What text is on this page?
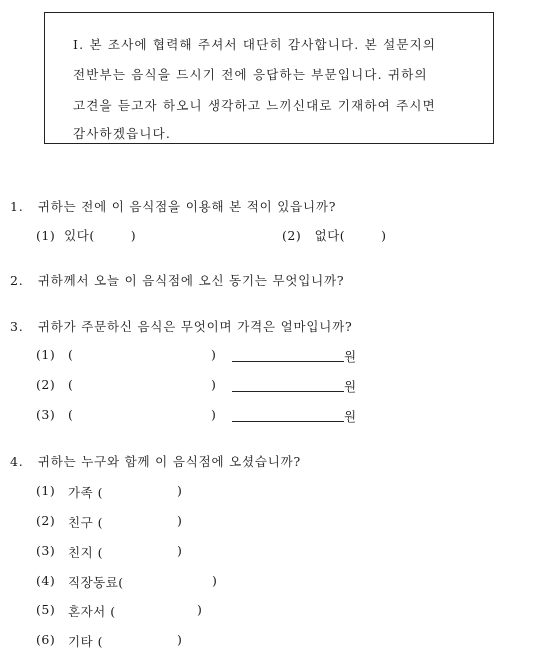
I. 본 조사에 협력해 주셔서 대단히 감사합니다. 본 설문지의
전반부는 음식을 드시기 전에 응답하는 부문입니다. 귀하의
고견을 듣고자 하오니 생각하고 느끼신대로 기재하여 주시면
감사하겠읍니다.
1. 귀하는 전에 이 음식점을 이용해 본 적이 있읍니까?
(1) 있다(	)	(2) 없다(	)
2. 귀하께서 오늘 이 음식점에 오신 동기는 무엇입니까?
3. 귀하가 주문하신 음식은 무엇이며 가격은 얼마입니까?
(1) (	)	원
(2) (	)	원
(3) (	)	원
4. 귀하는 누구와 함께 이 음식점에 오셨습니까?
(1) 가족 (	)
(2) 친구 (	)
(3) 친지 (	)
(4) 직장동료(	)
(5) 혼자서 (	)
(6) 기타 (	)
